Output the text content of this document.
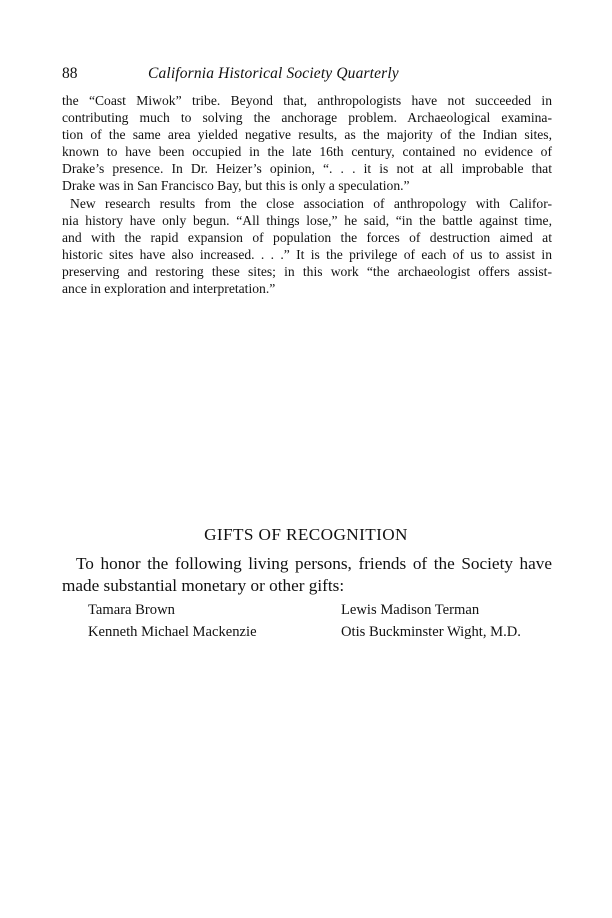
88	California Historical Society Quarterly
the “Coast Miwok” tribe. Beyond that, anthropologists have not succeeded in
contributing much to solving the anchorage problem. Archaeological examina-
tion of the same area yielded negative results, as the majority of the Indian sites,
known to have been occupied in the late 16th century, contained no evidence of
Drake’s presence. In Dr. Heizer’s opinion, “. . . it is not at all improbable that
Drake was in San Francisco Bay, but this is only a speculation.”
New research results from the close association of anthropology with Califor-
nia history have only begun. “All things lose,” he said, “in the battle against time,
and with the rapid expansion of population the forces of destruction aimed at
historic sites have also increased. . . .” It is the privilege of each of us to assist in
preserving and restoring these sites; in this work “the archaeologist offers assist-
ance in exploration and interpretation.”
GIFTS OF RECOGNITION
To honor the following living persons, friends of the Society have
made substantial monetary or other gifts:
Tamara Brown	Lewis Madison Terman
Kenneth Michael Mackenzie	Otis Buckminster Wight, M.D.
